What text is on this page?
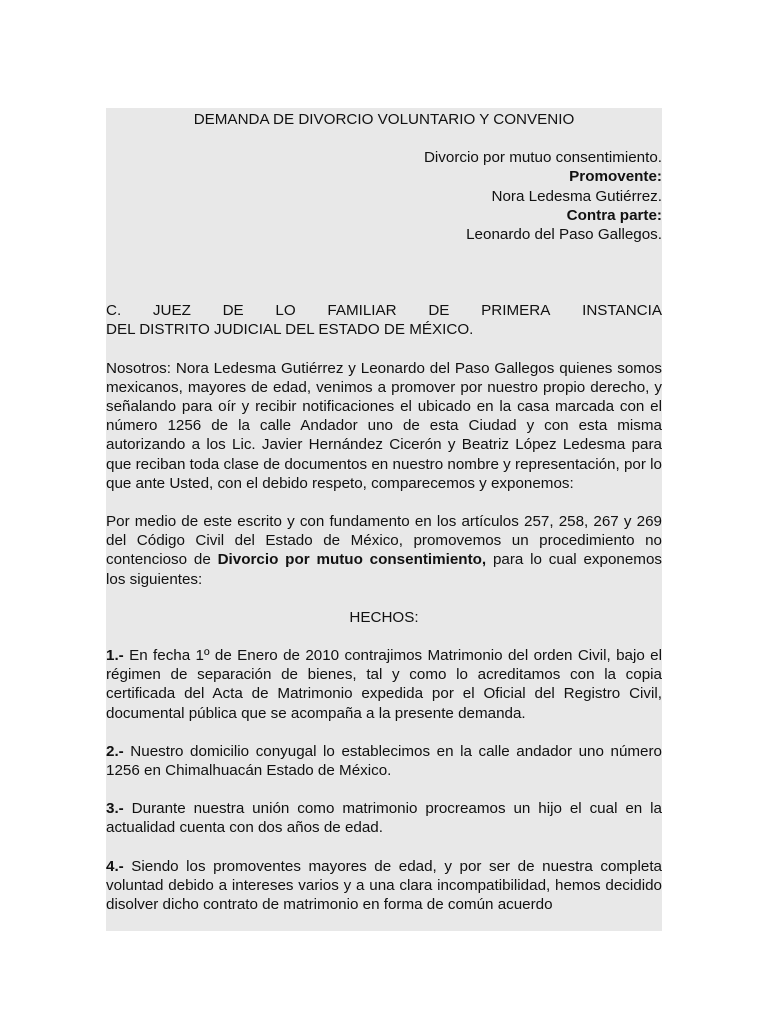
DEMANDA DE DIVORCIO VOLUNTARIO Y CONVENIO
Divorcio por mutuo consentimiento.
Promovente:
Nora Ledesma Gutiérrez.
Contra parte:
Leonardo del Paso Gallegos.
C. JUEZ DE LO FAMILIAR DE PRIMERA INSTANCIA
DEL DISTRITO JUDICIAL DEL ESTADO DE MÉXICO.
Nosotros: Nora Ledesma Gutiérrez y Leonardo del Paso Gallegos quienes somos mexicanos, mayores de edad, venimos a promover por nuestro propio derecho, y señalando para oír y recibir notificaciones el ubicado en la casa marcada con el número 1256 de la calle Andador uno de esta Ciudad y con esta misma autorizando a los Lic. Javier Hernández Cicerón y Beatriz López Ledesma para que reciban toda clase de documentos en nuestro nombre y representación, por lo que ante Usted, con el debido respeto, comparecemos y exponemos:
Por medio de este escrito y con fundamento en los artículos 257, 258, 267 y 269 del Código Civil del Estado de México, promovemos un procedimiento no contencioso de Divorcio por mutuo consentimiento, para lo cual exponemos los siguientes:
HECHOS:
1.- En fecha 1º de Enero de 2010 contrajimos Matrimonio del orden Civil, bajo el régimen de separación de bienes, tal y como lo acreditamos con la copia certificada del Acta de Matrimonio expedida por el Oficial del Registro Civil, documental pública que se acompaña a la presente demanda.
2.- Nuestro domicilio conyugal lo establecimos en la calle andador uno número 1256 en Chimalhuacán Estado de México.
3.- Durante nuestra unión como matrimonio procreamos un hijo el cual en la actualidad cuenta con dos años de edad.
4.- Siendo los promoventes mayores de edad, y por ser de nuestra completa voluntad debido a intereses varios y a una clara incompatibilidad, hemos decidido disolver dicho contrato de matrimonio en forma de común acuerdo
